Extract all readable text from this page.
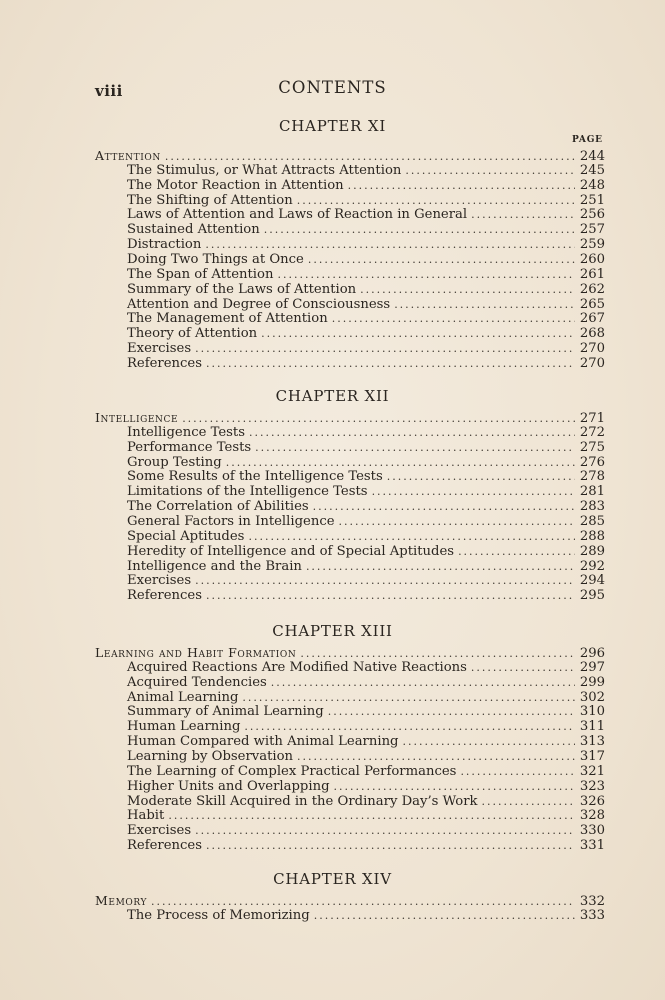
viii	CONTENTS
PAGE
Attention .....	244
The Stimulus, or What Attracts Attention .....	245
The Motor Reaction in Attention .....	248
The Shifting of Attention .....	251
Laws of Attention and Laws of Reaction in General .....	256
Sustained Attention .....	257
Distraction .....	259
Doing Two Things at Once .....	260
The Span of Attention .....	261
Summary of the Laws of Attention .....	262
Attention and Degree of Consciousness .....	265
The Management of Attention .....	267
Theory of Attention .....	268
Exercises .....	270
References .....	270
Intelligence .....	271
Intelligence Tests .....	272
Performance Tests .....	275
Group Testing .....	276
Some Results of the Intelligence Tests .....	278
Limitations of the Intelligence Tests .....	281
The Correlation of Abilities .....	283
General Factors in Intelligence .....	285
Special Aptitudes .....	288
Heredity of Intelligence and of Special Aptitudes .....	289
Intelligence and the Brain .....	292
Exercises .....	294
References .....	295
Learning and Habit Formation .....	296
Acquired Reactions Are Modified Native Reactions .....	297
Acquired Tendencies .....	299
Animal Learning .....	302
Summary of Animal Learning .....	310
Human Learning .....	311
Human Compared with Animal Learning .....	313
Learning by Observation .....	317
The Learning of Complex Practical Performances .....	321
Higher Units and Overlapping .....	323
Moderate Skill Acquired in the Ordinary Day’s Work .....	326
Habit .....	328
Exercises .....	330
References .....	331
Memory .....	332
The Process of Memorizing .....	333
CHAPTER XI
CHAPTER XII
CHAPTER XIII
CHAPTER XIV
